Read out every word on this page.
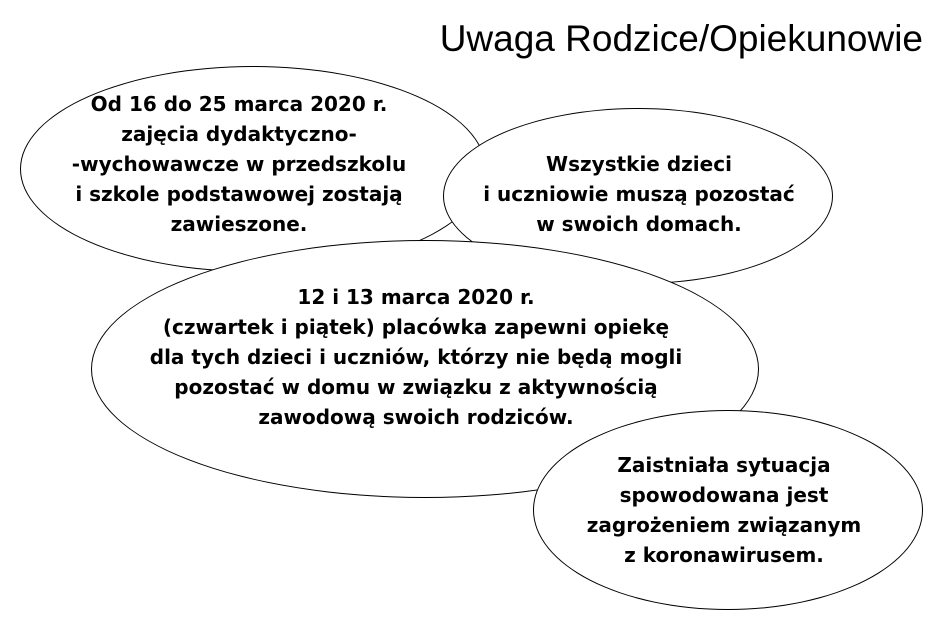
Uwaga Rodzice/Opiekunowie
Od 16 do 25 marca 2020 r.
zajęcia dydaktyczno-
-wychowawcze w przedszkolu
i szkole podstawowej zostają
zawieszone.
Wszystkie dzieci
i uczniowie muszą pozostać
w swoich domach.
12 i 13 marca 2020 r.
(czwartek i piątek) placówka zapewni opiekę
dla tych dzieci i uczniów, którzy nie będą mogli
pozostać w domu w związku z aktywnością
zawodową swoich rodziców.
Zaistniała sytuacja
spowodowana jest
zagrożeniem związanym
z koronawirusem.
